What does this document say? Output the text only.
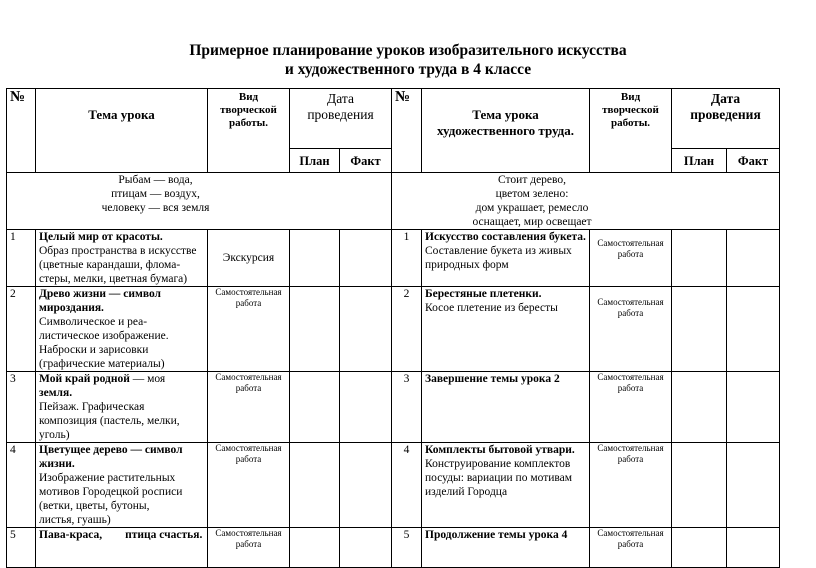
Примерное планирование уроков изобразительного искусства
и художественного труда в 4 классе
№	Тема урока	Вид
творческой
работы.	Дата
проведения		№	Тема урока
художественного труда.	Вид
творческой
работы.	Дата
проведения	
			План	Факт				План	Факт
Рыбам — вода,
птицам — воздух,
человеку — вся земля					Стоит дерево,
цветом зелено:
дом украшает, ремесло
оснащает, мир освещает				
1	Целый мир от красоты.
Образ пространства в искусстве
(цветные карандаши, флома-
стеры, мелки, цветная бумага)	Экскурсия			1	Искусство составления букета.
Составление букета из живых
природных форм	Самостоятельная работа		
2	Древо жизни — символ мироздания.
Символическое и реа-
листическое изображение.
Наброски и зарисовки
(графические материалы)	Самостоятельная работа			2	Берестяные плетенки.
Косое плетение из бересты	Самостоятельная работа		
3	Мой край родной — моя
земля.
Пейзаж. Графическая
композиция (пастель, мелки,
уголь)	Самостоятельная работа			3	Завершение темы урока 2	Самостоятельная работа		
4	Цветущее дерево — символ жизни.
Изображение растительных
мотивов Городецкой росписи
(ветки, цветы, бутоны,
листья, гуашь)	Самостоятельная работа			4	Комплекты бытовой утвари.
Конструирование комплектов
посуды: вариации по мотивам
изделий Городца	Самостоятельная работа		
5	Пава-краса,        птица счастья.	Самостоятельная работа			5	Продолжение темы урока 4	Самостоятельная работа		
